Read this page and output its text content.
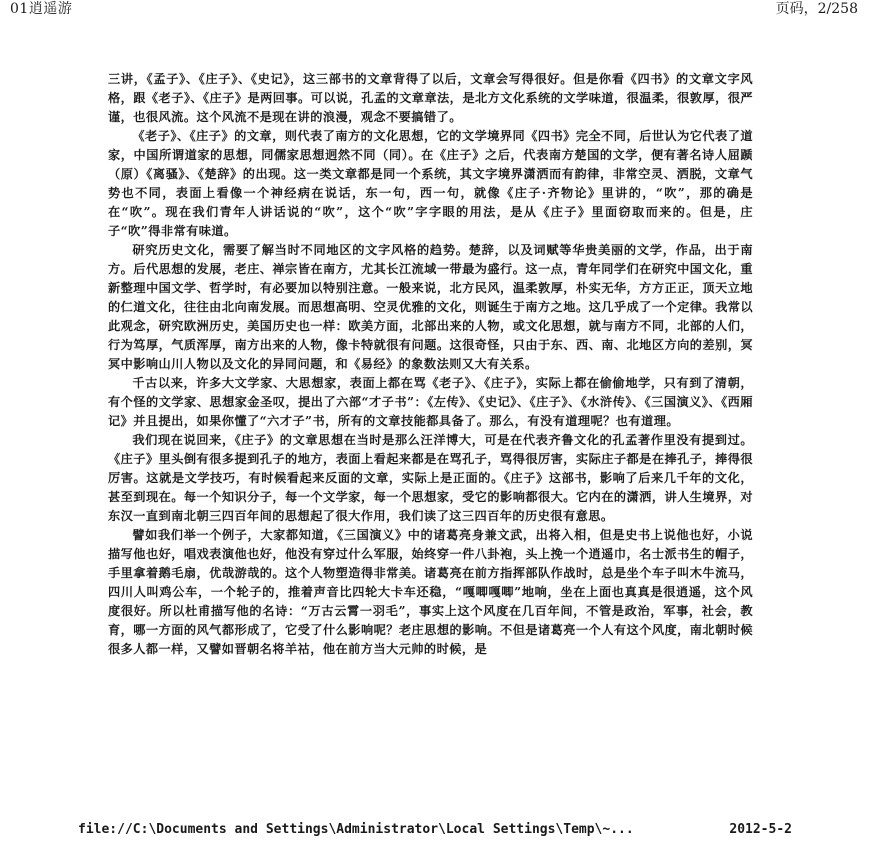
01逍遥游	页码，2/258

三讲，《孟子》、《庄子》、《史记》，这三部书的文章背得了以后，文章会写得很好。但是你看《四书》的文章文字风格，跟《老子》、《庄子》是两回事。可以说，孔孟的文章章法，是北方文化系统的文学味道，很温柔，很敦厚，很严谨，也很风流。这个风流不是现在讲的浪漫，观念不要搞错了。

《老子》、《庄子》的文章，则代表了南方的文化思想，它的文学境界同《四书》完全不同，后世认为它代表了道家，中国所谓道家的思想，同儒家思想迥然不同（同）。在《庄子》之后，代表南方楚国的文学，便有著名诗人屈踬（原）《离骚》、《楚辞》的出现。这一类文章都是同一个系统，其文字境界潇洒而有韵律，非常空灵、洒脱，文章气势也不同，表面上看像一个神经病在说话，东一句，西一句，就像《庄子·齐物论》里讲的，“吹”，那的确是在“吹”。现在我们青年人讲话说的“吹”，这个“吹”字字眼的用法，是从《庄子》里面窃取而来的。但是，庄子“吹”得非常有味道。

研究历史文化，需要了解当时不同地区的文字风格的趋势。楚辞，以及词赋等华贵美丽的文学，作品，出于南方。后代思想的发展，老庄、禅宗皆在南方，尤其长江流域一带最为盛行。这一点，青年同学们在研究中国文化，重新整理中国文学、哲学时，有必要加以特别注意。一般来说，北方民风，温柔敦厚，朴实无华，方方正正，顶天立地的仁道文化，往往由北向南发展。而思想高明、空灵优雅的文化，则诞生于南方之地。这几乎成了一个定律。我常以此观念，研究欧洲历史，美国历史也一样：欧美方面，北部出来的人物，或文化思想，就与南方不同，北部的人们，行为笃厚，气质浑厚，南方出来的人物，像卡特就很有问题。这很奇怪，只由于东、西、南、北地区方向的差别，冥冥中影响山川人物以及文化的异同问题，和《易经》的象数法则又大有关系。

千古以来，许多大文学家、大思想家，表面上都在骂《老子》、《庄子》，实际上都在偷偷地学，只有到了清朝，有个怪的文学家、思想家金圣叹，提出了六部“才子书”：《左传》、《史记》、《庄子》、《水浒传》、《三国演义》、《西厢记》并且提出，如果你懂了“六才子”书，所有的文章技能都具备了。那么，有没有道理呢？也有道理。

我们现在说回来，《庄子》的文章思想在当时是那么汪洋博大，可是在代表齐鲁文化的孔孟著作里没有提到过。《庄子》里头倒有很多提到孔子的地方，表面上看起来都是在骂孔子，骂得很厉害，实际庄子都是在捧孔子，捧得很厉害。这就是文学技巧，有时候看起来反面的文章，实际上是正面的。《庄子》这部书，影响了后来几千年的文化，甚至到现在。每一个知识分子，每一个文学家，每一个思想家，受它的影响都很大。它内在的潇洒，讲人生境界，对东汉一直到南北朝三四百年间的思想起了很大作用，我们读了这三四百年的历史很有意思。

譬如我们举一个例子，大家都知道，《三国演义》中的诸葛亮身兼文武，出将入相，但是史书上说他也好，小说描写他也好，唱戏表演他也好，他没有穿过什么军服，始终穿一件八卦袍，头上挽一个逍遥巾，名士派书生的帽子，手里拿着鹅毛扇，优哉游哉的。这个人物塑造得非常美。诸葛亮在前方指挥部队作战时，总是坐个车子叫木牛流马，四川人叫鸡公车，一个轮子的，推着声音比四轮大卡车还稳，“嘎唧嘎唧”地响，坐在上面也真真是很逍遥，这个风度很好。所以杜甫描写他的名诗：“万古云霄一羽毛”，事实上这个风度在几百年间，不管是政治，军事，社会，教育，哪一方面的风气都形成了，它受了什么影响呢？老庄思想的影响。不但是诸葛亮一个人有这个风度，南北朝时候很多人都一样，又譬如晋朝名将羊祜，他在前方当大元帅的时候，是

file://C:\Documents and Settings\Administrator\Local Settings\Temp\~...	2012-5-2
